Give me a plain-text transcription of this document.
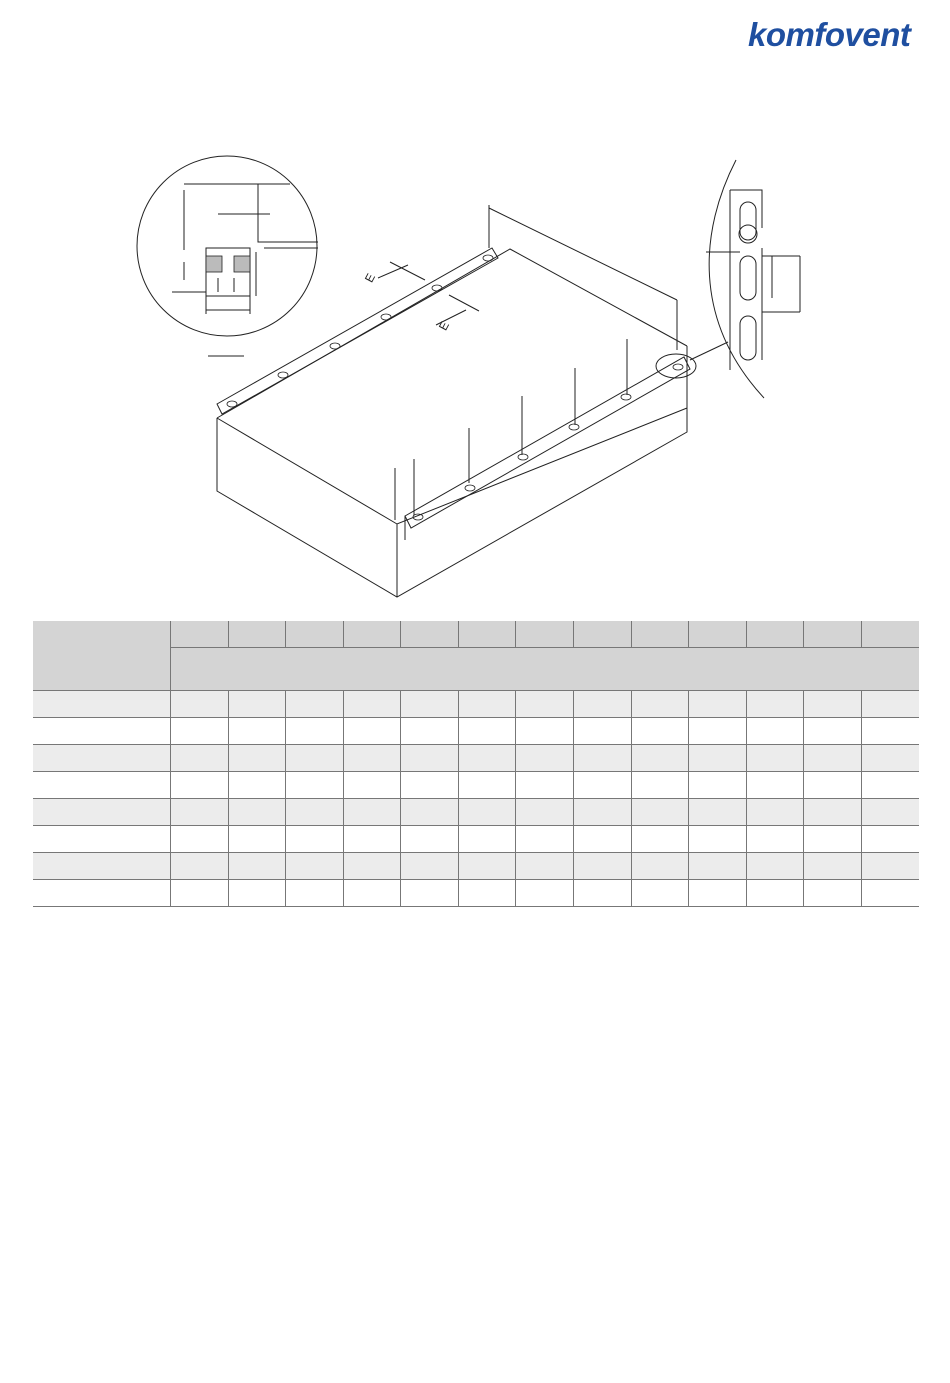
komfovent
E
E
